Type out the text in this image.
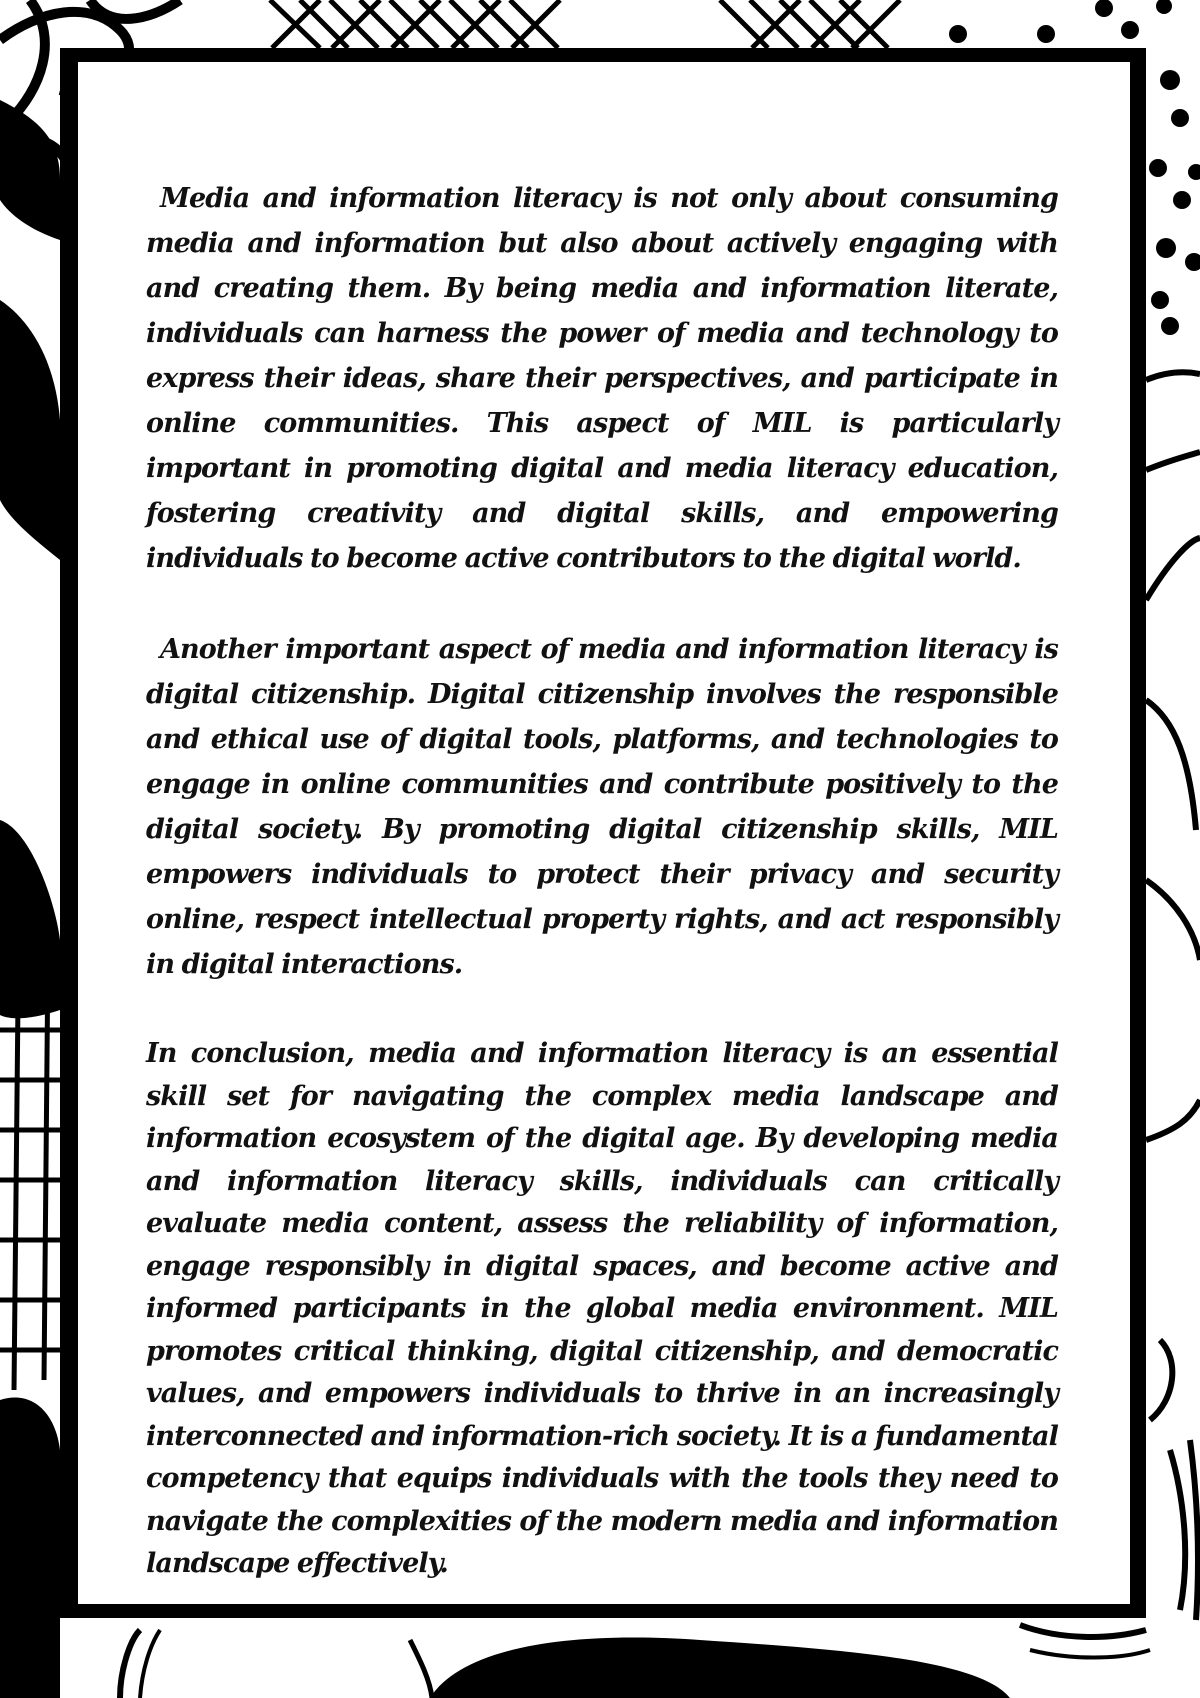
Media and information literacy is not only about consuming media and information but also about actively engaging with and creating them. By being media and information literate, individuals can harness the power of media and technology to express their ideas, share their perspectives, and participate in online communities. This aspect of MIL is particularly important in promoting digital and media literacy education, fostering creativity and digital skills, and empowering individuals to become active contributors to the digital world.

Another important aspect of media and information literacy is digital citizenship. Digital citizenship involves the responsible and ethical use of digital tools, platforms, and technologies to engage in online communities and contribute positively to the digital society. By promoting digital citizenship skills, MIL empowers individuals to protect their privacy and security online, respect intellectual property rights, and act responsibly in digital interactions.

In conclusion, media and information literacy is an essential skill set for navigating the complex media landscape and information ecosystem of the digital age. By developing media and information literacy skills, individuals can critically evaluate media content, assess the reliability of information, engage responsibly in digital spaces, and become active and informed participants in the global media environment. MIL promotes critical thinking, digital citizenship, and democratic values, and empowers individuals to thrive in an increasingly interconnected and information-rich society. It is a fundamental competency that equips individuals with the tools they need to navigate the complexities of the modern media and information landscape effectively.
